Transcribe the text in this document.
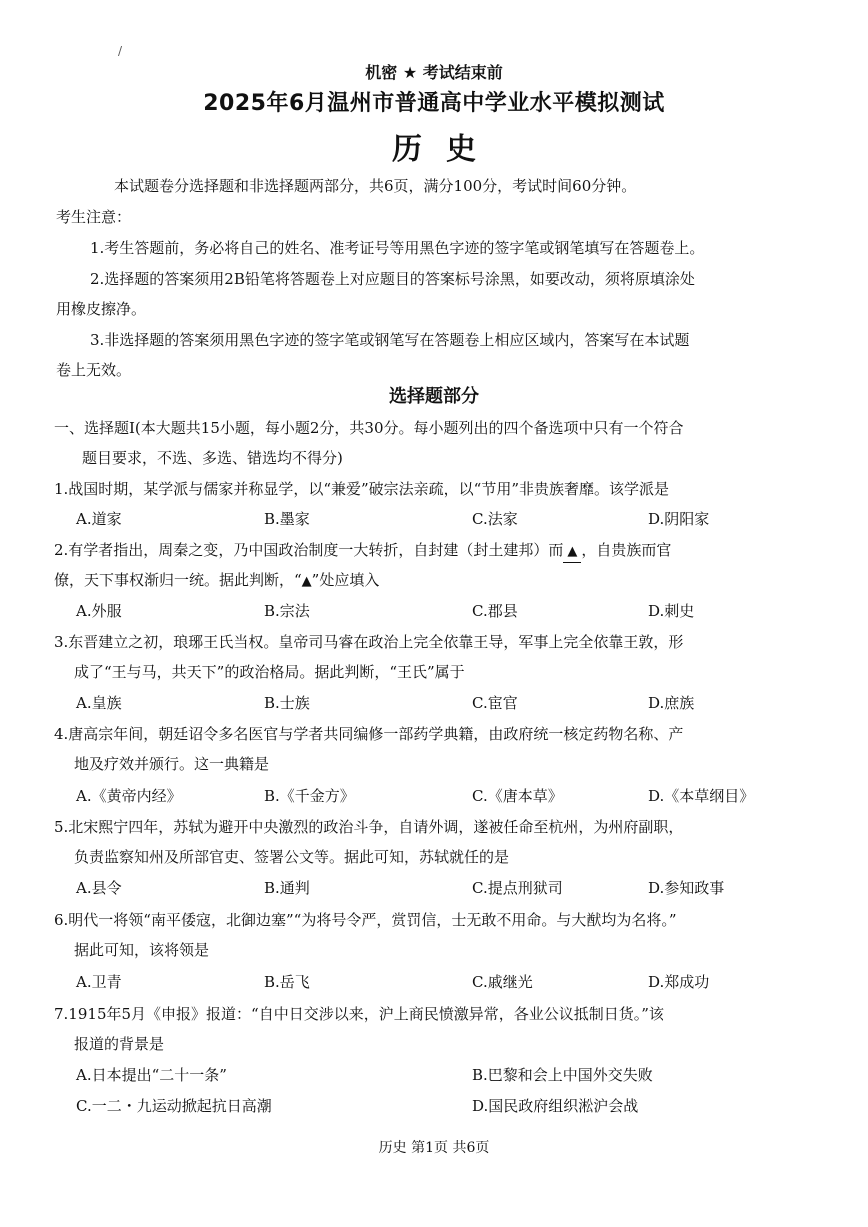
/
机密 ★ 考试结束前
2025年6月温州市普通高中学业水平模拟测试
历史
本试题卷分选择题和非选择题两部分，共6页，满分100分，考试时间60分钟。
考生注意：
1.考生答题前，务必将自己的姓名、准考证号等用黑色字迹的签字笔或钢笔填写在答题卷上。
2.选择题的答案须用2B铅笔将答题卷上对应题目的答案标号涂黑，如要改动，须将原填涂处
用橡皮擦净。
3.非选择题的答案须用黑色字迹的签字笔或钢笔写在答题卷上相应区域内，答案写在本试题
卷上无效。
选择题部分
一、选择题Ⅰ(本大题共15小题，每小题2分，共30分。每小题列出的四个备选项中只有一个符合
题目要求，不选、多选、错选均不得分)
1.战国时期，某学派与儒家并称显学，以“兼爱”破宗法亲疏，以“节用”非贵族奢靡。该学派是
A.道家	B.墨家	C.法家	D.阴阳家
2.有学者指出，周秦之变，乃中国政治制度一大转折，自封建（封土建邦）而 ▲ ，自贵族而官
僚，天下事权渐归一统。据此判断，“▲”处应填入
A.外服	B.宗法	C.郡县	D.刺史
3.东晋建立之初，琅琊王氏当权。皇帝司马睿在政治上完全依靠王导，军事上完全依靠王敦，形
成了“王与马，共天下”的政治格局。据此判断，“王氏”属于
A.皇族	B.士族	C.宦官	D.庶族
4.唐高宗年间，朝廷诏令多名医官与学者共同编修一部药学典籍，由政府统一核定药物名称、产
地及疗效并颁行。这一典籍是
A.《黄帝内经》	B.《千金方》	C.《唐本草》	D.《本草纲目》
5.北宋熙宁四年，苏轼为避开中央激烈的政治斗争，自请外调，遂被任命至杭州，为州府副职，
负责监察知州及所部官吏、签署公文等。据此可知，苏轼就任的是
A.县令	B.通判	C.提点刑狱司	D.参知政事
6.明代一将领“南平倭寇，北御边塞”“为将号令严，赏罚信，士无敢不用命。与大猷均为名将。”
据此可知，该将领是
A.卫青	B.岳飞	C.戚继光	D.郑成功
7.1915年5月《申报》报道：“自中日交涉以来，沪上商民愤激异常，各业公议抵制日货。”该
报道的背景是
A.日本提出“二十一条”	B.巴黎和会上中国外交失败
C.一二・九运动掀起抗日高潮	D.国民政府组织淞沪会战
历史 第1页 共6页
